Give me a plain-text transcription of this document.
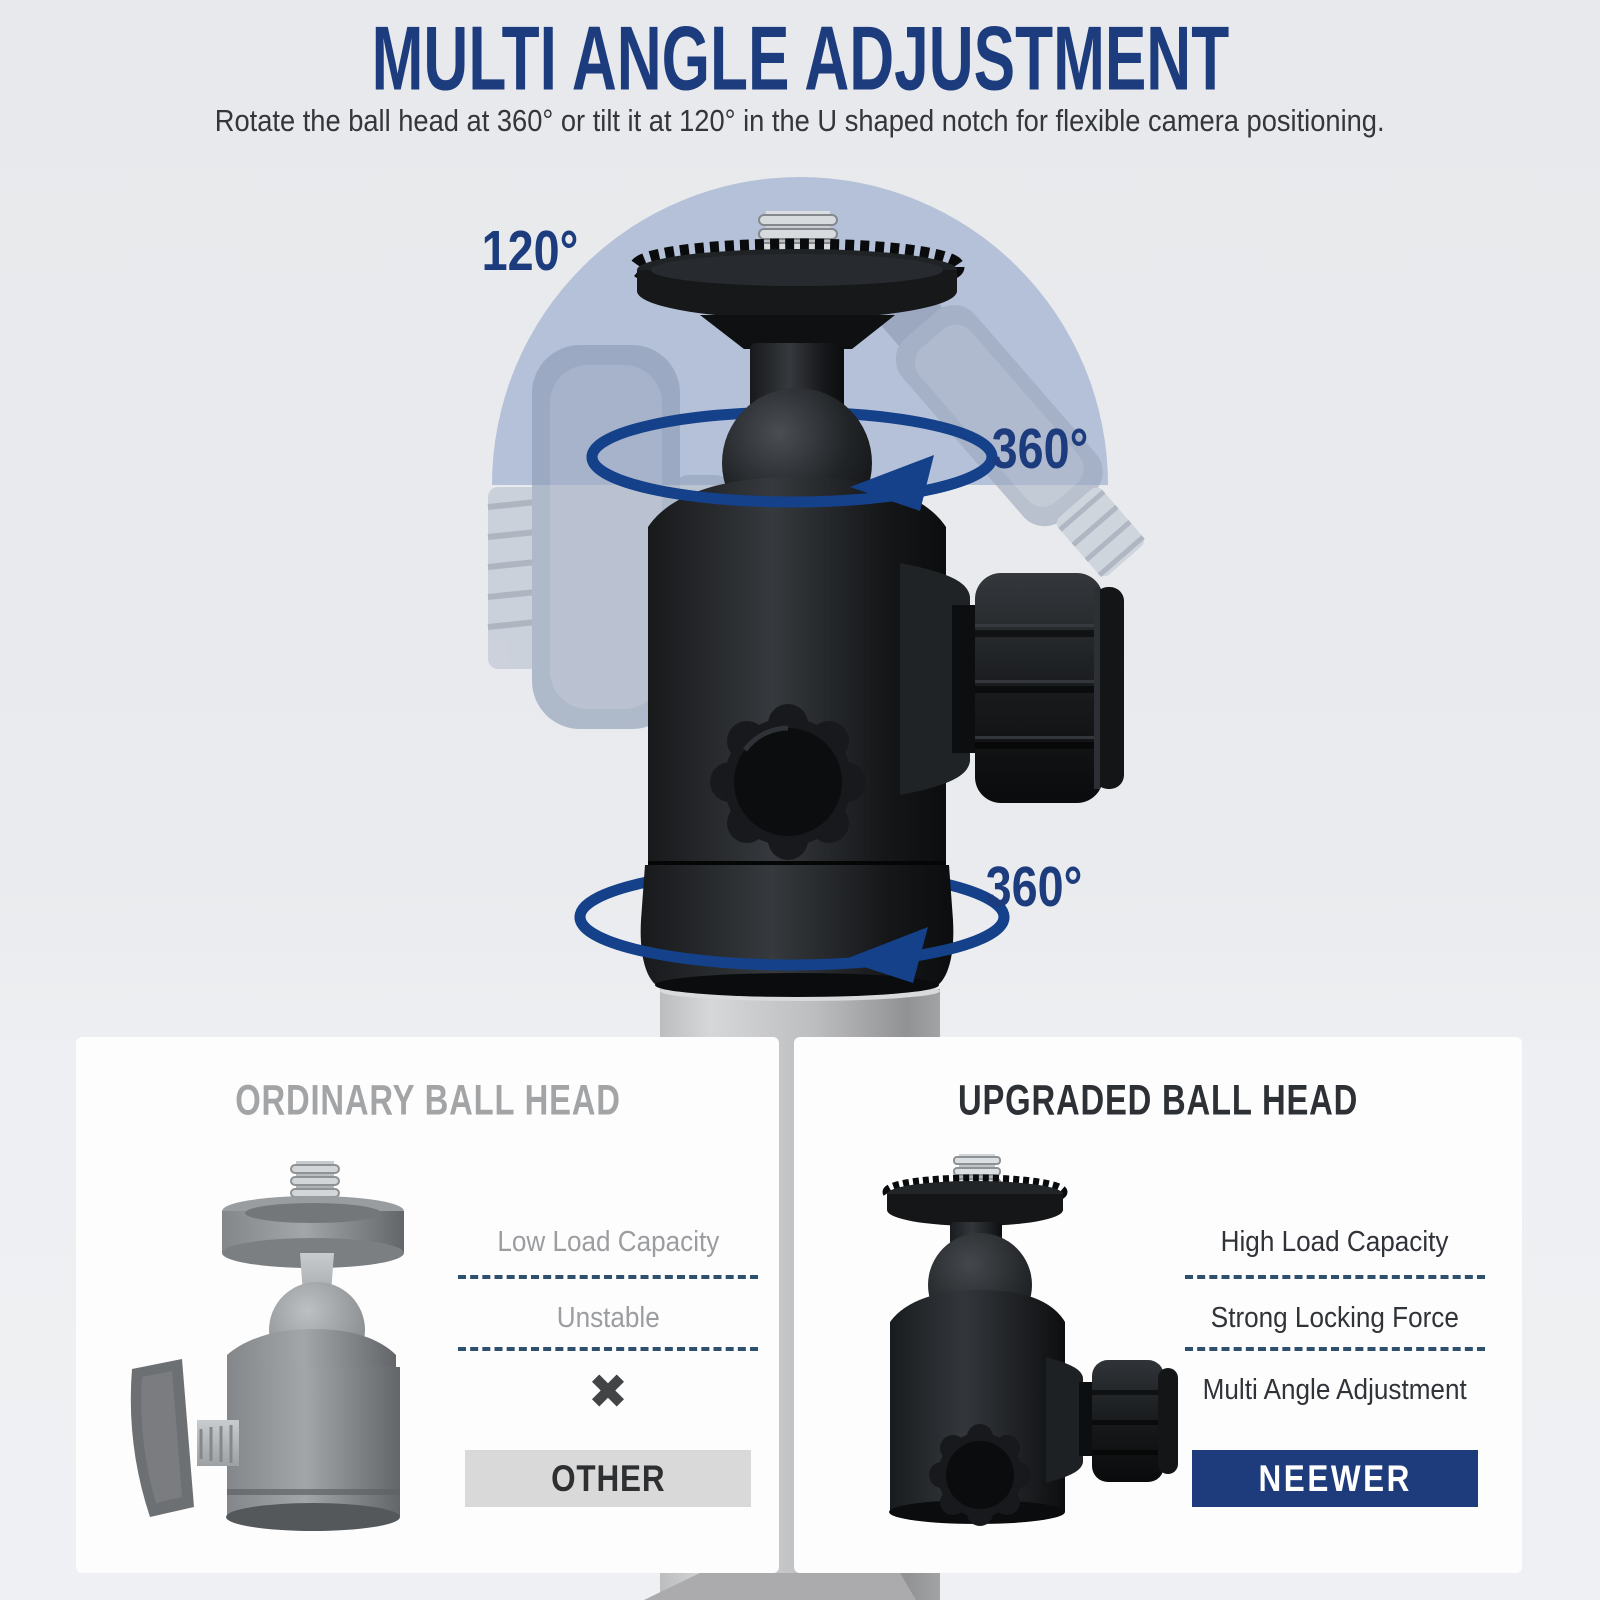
MULTI ANGLE ADJUSTMENT
Rotate the ball head at 360° or tilt it at 120° in the U shaped notch for flexible camera positioning.
120°
360°
360°
ORDINARY BALL HEAD
Low Load Capacity
Unstable
✖
OTHER
UPGRADED BALL HEAD
High Load Capacity
Strong Locking Force
Multi Angle Adjustment
NEEWER
